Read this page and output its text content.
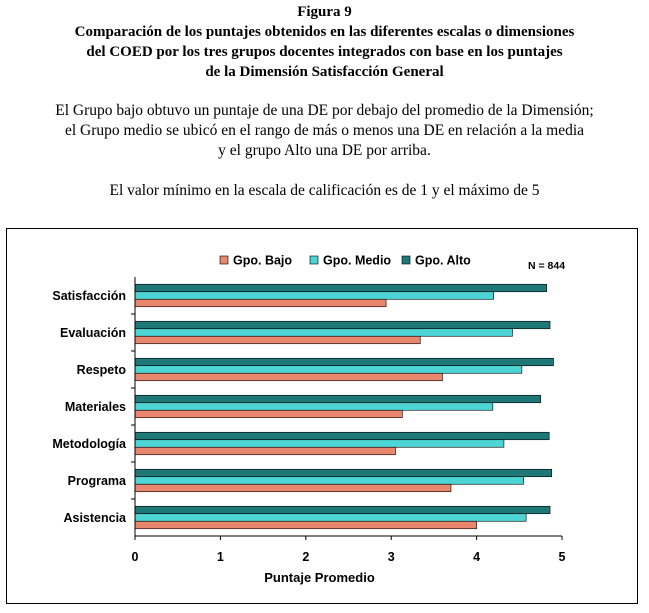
Figura 9
Comparación de los puntajes obtenidos en las diferentes escalas o dimensiones
del COED por los tres grupos docentes integrados con base en los puntajes
de la Dimensión Satisfacción General
El Grupo bajo obtuvo un puntaje de una DE por debajo del promedio de la Dimensión;
el Grupo medio se ubicó en el rango de más o menos una DE en relación a la media
y el grupo Alto una DE por arriba.
El valor mínimo en la escala de calificación es de 1 y el máximo de 5
Gpo. Bajo Gpo. Medio Gpo. Alto	N = 844
Satisfacción
Evaluación
Respeto
Materiales
Metodología
Programa
Asistencia
0	1	2	3	4	5
Puntaje Promedio
